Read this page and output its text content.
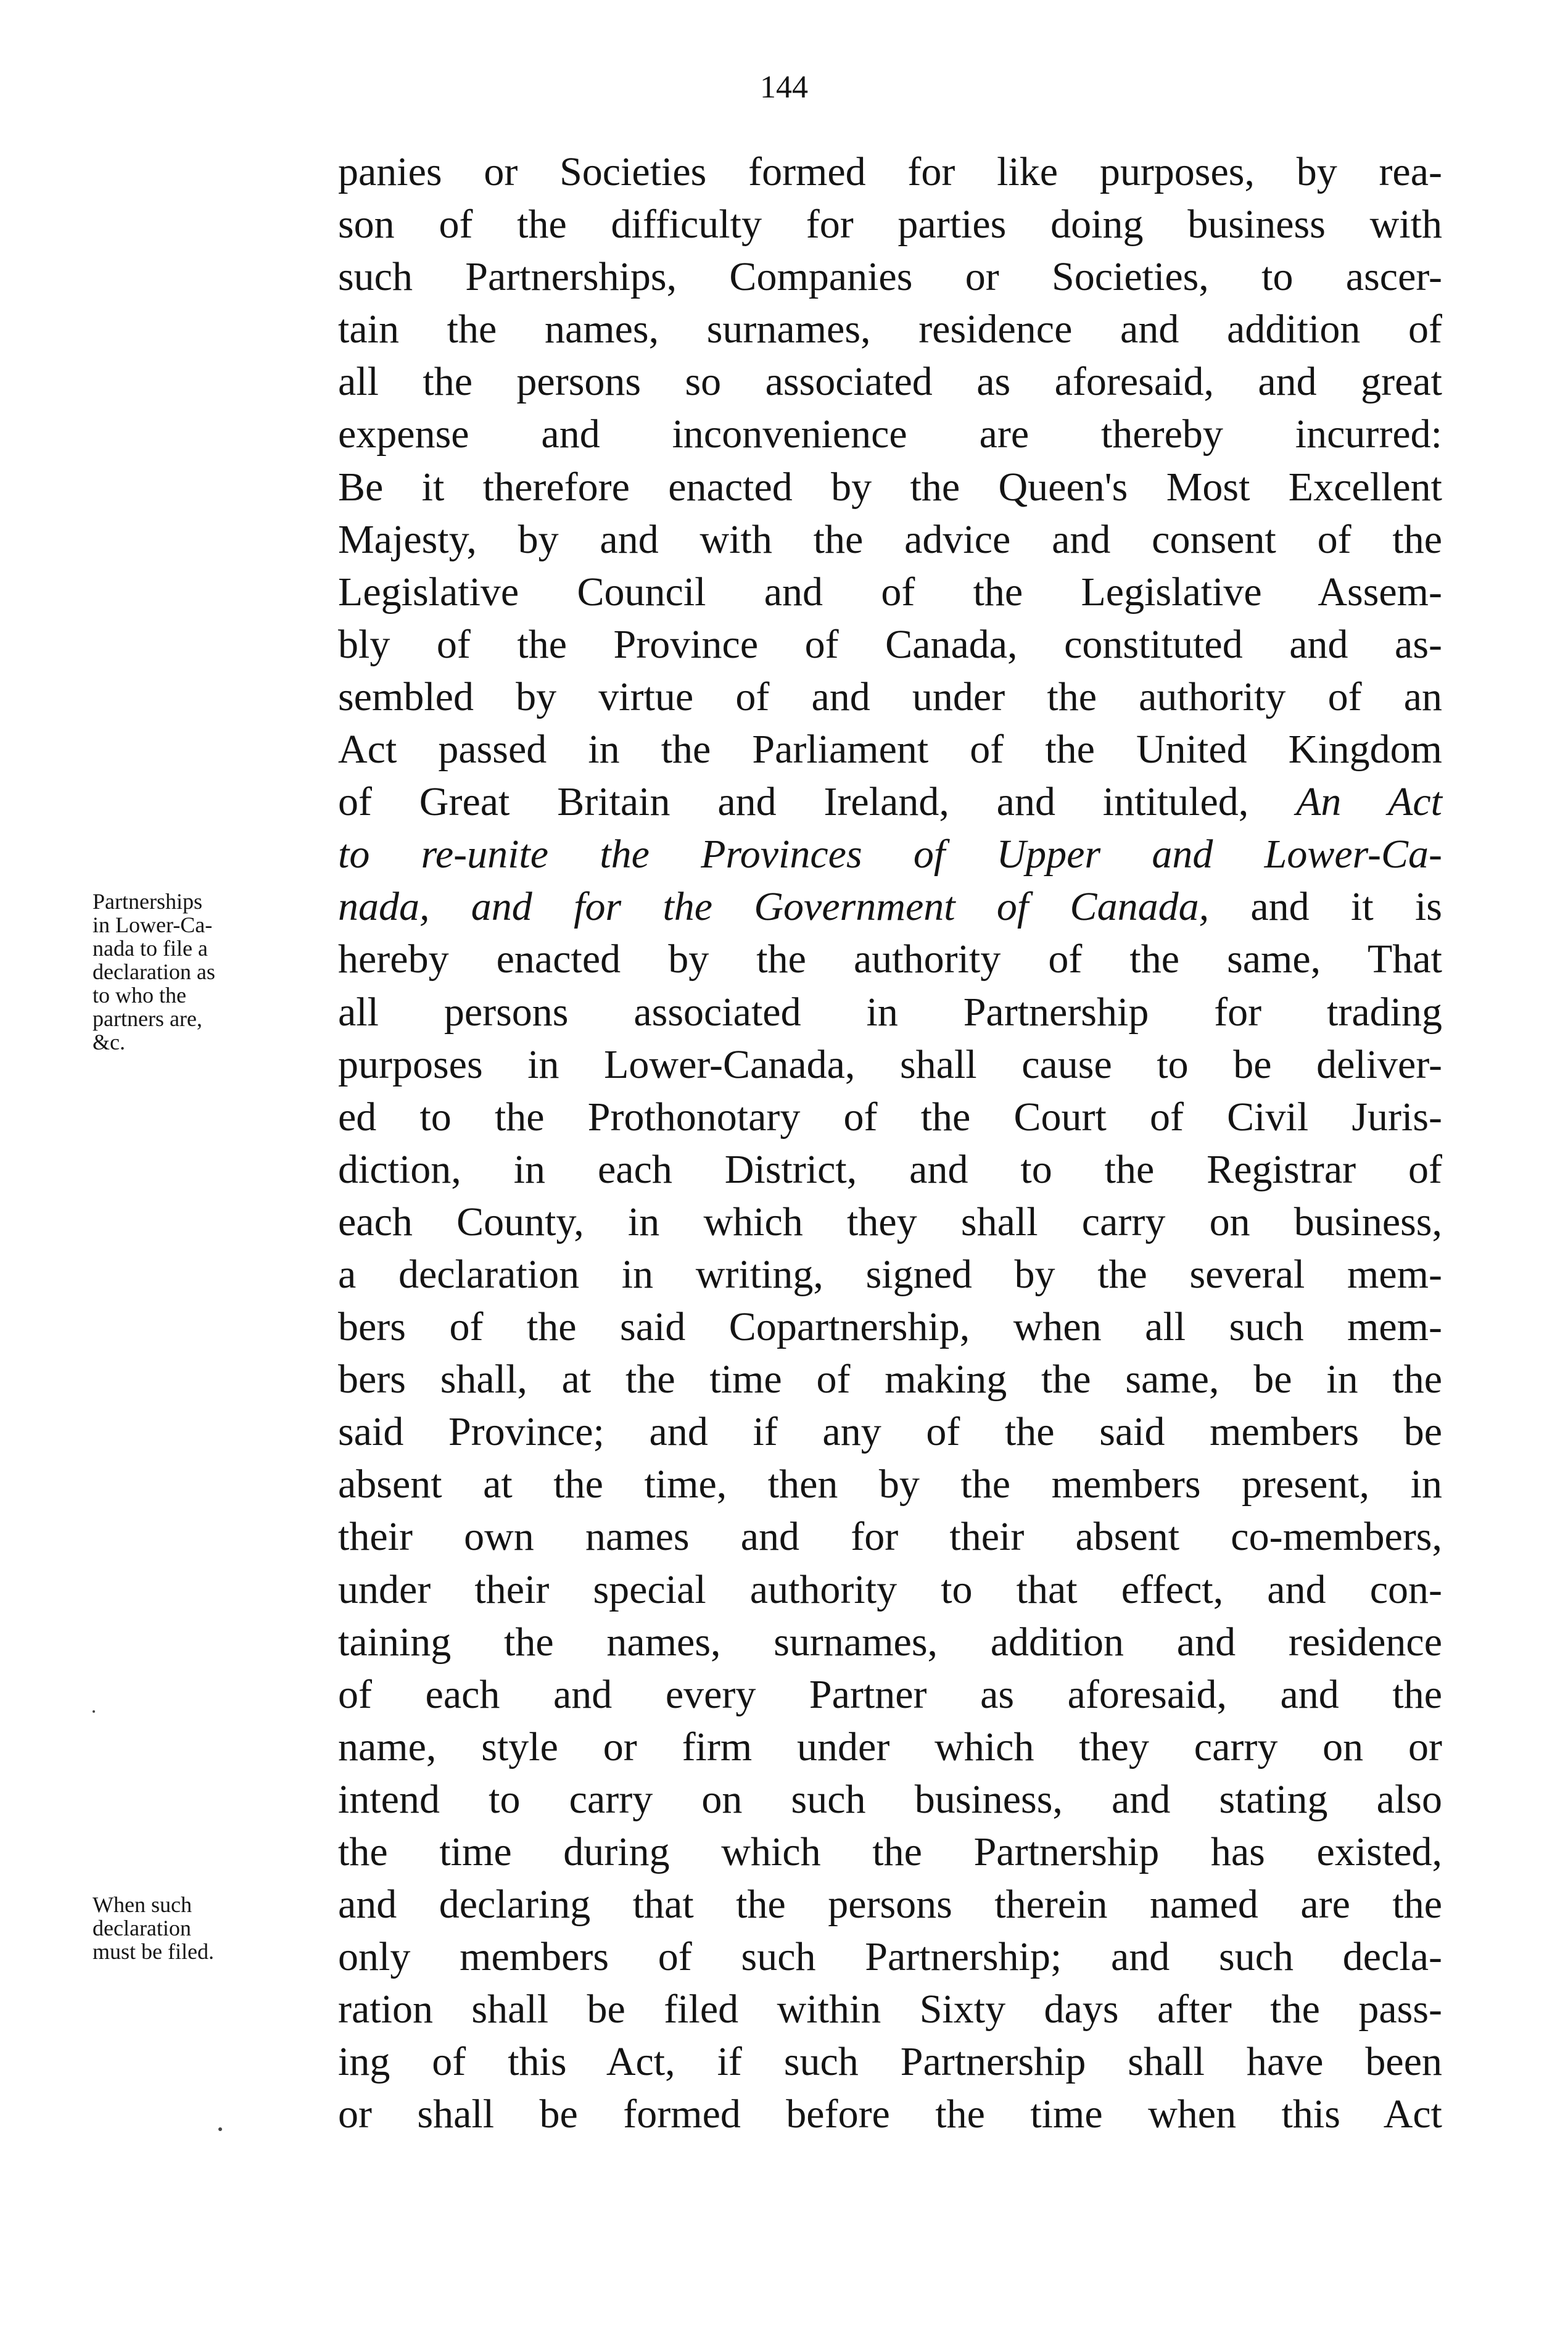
144
panies or Societies formed for like purposes, by rea-
son of the difficulty for parties doing business with
such Partnerships, Companies or Societies, to ascer-
tain the names, surnames, residence and addition of
all the persons so associated as aforesaid, and great
expense and inconvenience are thereby incurred:
Be it therefore enacted by the Queen's Most Excellent
Majesty, by and with the advice and consent of the
Legislative Council and of the Legislative Assem-
bly of the Province of Canada, constituted and as-
sembled by virtue of and under the authority of an
Act passed in the Parliament of the United Kingdom
of Great Britain and Ireland, and intituled, An Act
to re-unite the Provinces of Upper and Lower-Ca-
nada, and for the Government of Canada, and it is
hereby enacted by the authority of the same, That
all persons associated in Partnership for trading
purposes in Lower-Canada, shall cause to be deliver-
ed to the Prothonotary of the Court of Civil Juris-
diction, in each District, and to the Registrar of
each County, in which they shall carry on business,
a declaration in writing, signed by the several mem-
bers of the said Copartnership, when all such mem-
bers shall, at the time of making the same, be in the
said Province; and if any of the said members be
absent at the time, then by the members present, in
their own names and for their absent co-members,
under their special authority to that effect, and con-
taining the names, surnames, addition and residence
of each and every Partner as aforesaid, and the
name, style or firm under which they carry on or
intend to carry on such business, and stating also
the time during which the Partnership has existed,
and declaring that the persons therein named are the
only members of such Partnership; and such decla-
ration shall be filed within Sixty days after the pass-
ing of this Act, if such Partnership shall have been
or shall be formed before the time when this Act
Partnerships
in Lower-Ca-
nada to file a
declaration as
to who the
partners are,
&c.
When such
declaration
must be filed.
